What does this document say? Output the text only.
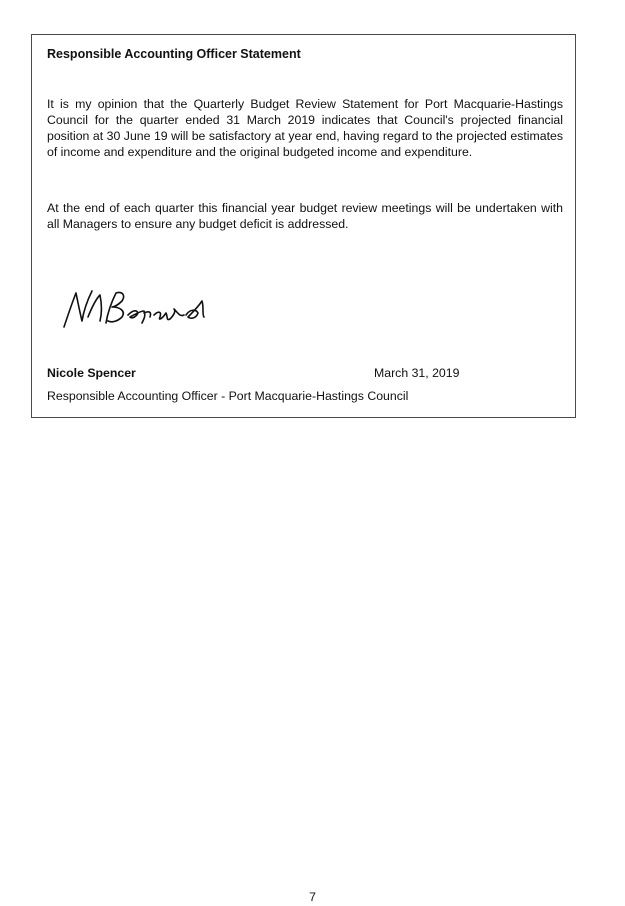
Responsible Accounting Officer Statement

It is my opinion that the Quarterly Budget Review Statement for Port Macquarie-Hastings Council for the quarter ended 31 March 2019 indicates that Council's projected financial position at 30 June 19 will be satisfactory at year end, having regard to the projected estimates of income and expenditure and the original budgeted income and expenditure.

At the end of each quarter this financial year budget review meetings will be undertaken with all Managers to ensure any budget deficit is addressed.

Nicole Spencer	March 31, 2019
Responsible Accounting Officer - Port Macquarie-Hastings Council
7
